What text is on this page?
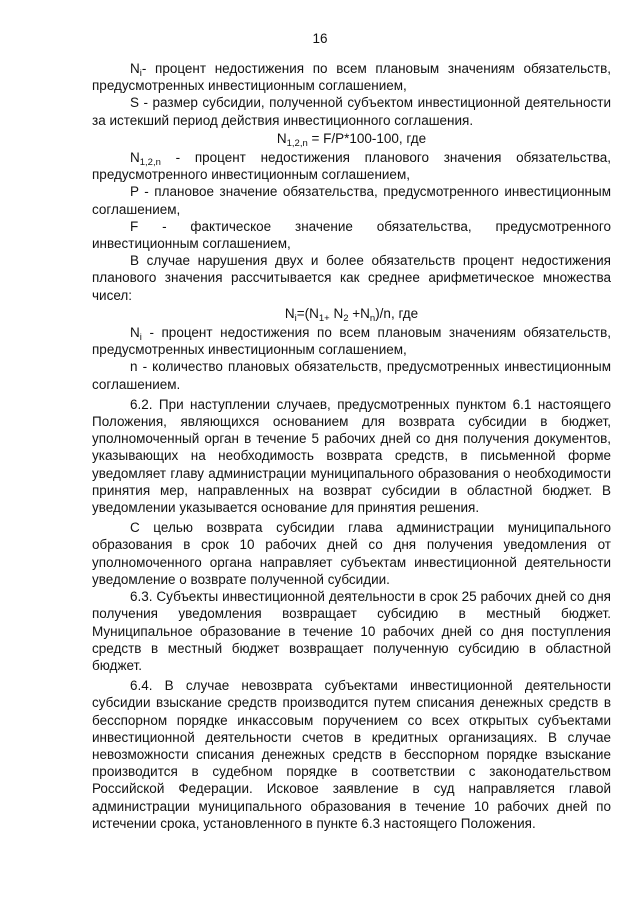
16

$N_i-$ процент недостижения по всем плановым значениям обязательств, предусмотренных инвестиционным соглашением,

S - размер субсидии, полученной субъектом инвестиционной деятельности за истекший период действия инвестиционного соглашения.

$N_{1,2,n} = F/P*100-100$, где

$N_{1,2,n}$ - процент недостижения планового значения обязательства, предусмотренного инвестиционным соглашением,

P - плановое значение обязательства, предусмотренного инвестиционным соглашением,

F - фактическое значение обязательства, предусмотренного инвестиционным соглашением,

В случае нарушения двух и более обязательств процент недостижения планового значения рассчитывается как среднее арифметическое множества чисел:

$N_i=(N_{1+}$ $N_2 +N_n)/n$, где

$N_i$ - процент недостижения по всем плановым значениям обязательств, предусмотренных инвестиционным соглашением,

n - количество плановых обязательств, предусмотренных инвестиционным соглашением.

6.2. При наступлении случаев, предусмотренных пунктом 6.1 настоящего Положения, являющихся основанием для возврата субсидии в бюджет, уполномоченный орган в течение 5 рабочих дней со дня получения документов, указывающих на необходимость возврата средств, в письменной форме уведомляет главу администрации муниципального образования о необходимости принятия мер, направленных на возврат субсидии в областной бюджет. В уведомлении указывается основание для принятия решения.

С целью возврата субсидии глава администрации муниципального образования в срок 10 рабочих дней со дня получения уведомления от уполномоченного органа направляет субъектам инвестиционной деятельности уведомление о возврате полученной субсидии.

6.3. Субъекты инвестиционной деятельности в срок 25 рабочих дней со дня получения уведомления возвращает субсидию в местный бюджет. Муниципальное образование в течение 10 рабочих дней со дня поступления средств в местный бюджет возвращает полученную субсидию в областной бюджет.

6.4. В случае невозврата субъектами инвестиционной деятельности субсидии взыскание средств производится путем списания денежных средств в бесспорном порядке инкассовым поручением со всех открытых субъектами инвестиционной деятельности счетов в кредитных организациях. В случае невозможности списания денежных средств в бесспорном порядке взыскание производится в судебном порядке в соответствии с законодательством Российской Федерации. Исковое заявление в суд направляется главой администрации муниципального образования в течение 10 рабочих дней по истечении срока, установленного в пункте 6.3 настоящего Положения.
